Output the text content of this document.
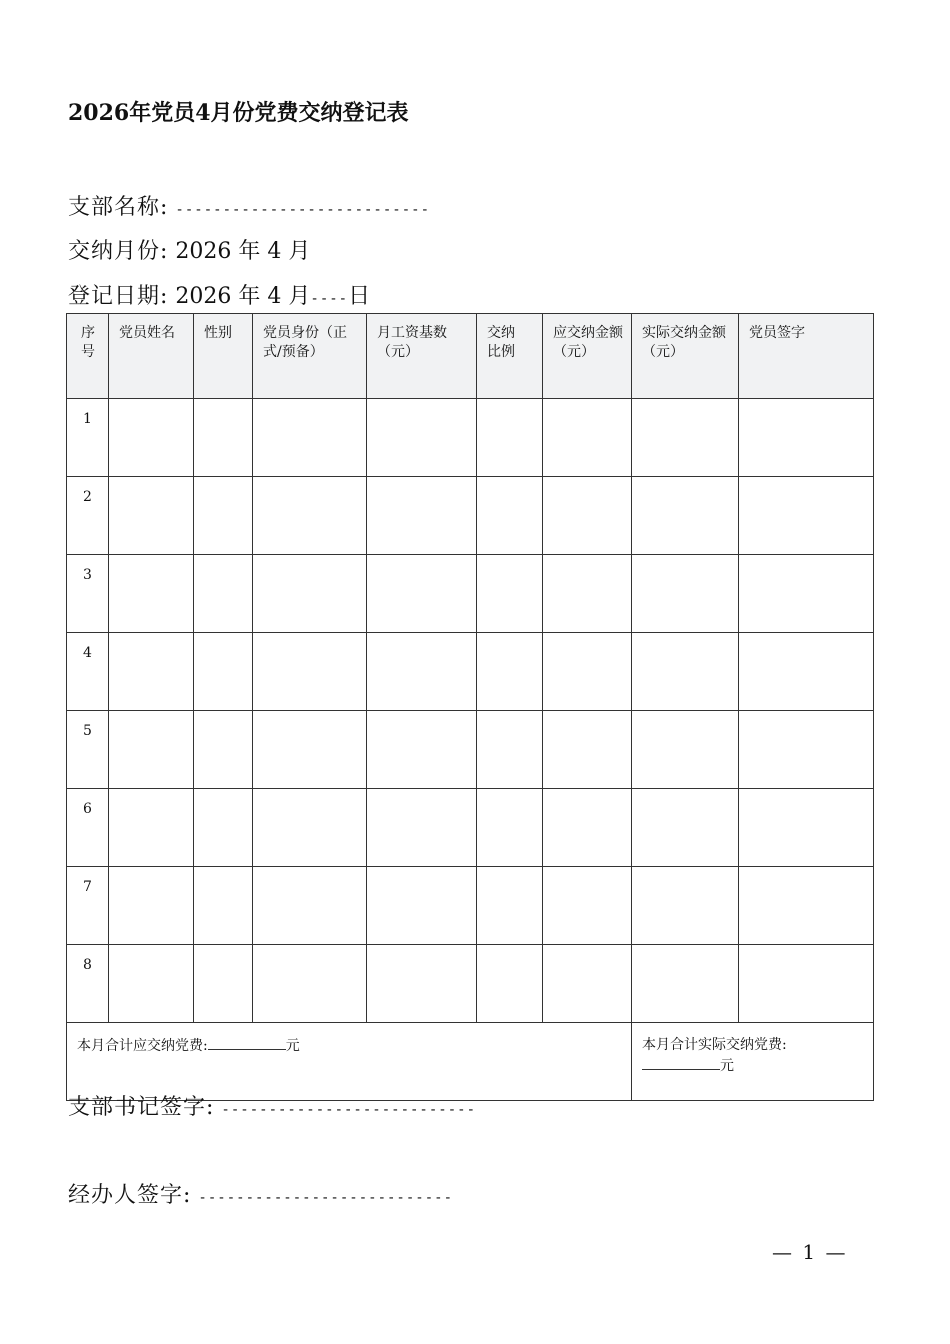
2026年党员4月份党费交纳登记表
支部名称: ---------------------------
交纳月份: 2026 年 4 月
登记日期: 2026 年 4 月----日
序号	党员姓名	性别	党员身份（正式/预备）	月工资基数（元）	交纳比例	应交纳金额（元）	实际交纳金额（元）	党员签字
1								
2								
3								
4								
5								
6								
7								
8								
本月合计应交纳党费: 元							本月合计实际交纳党费:
元	
支部书记签字: ---------------------------
经办人签字: ---------------------------
— 1 —
